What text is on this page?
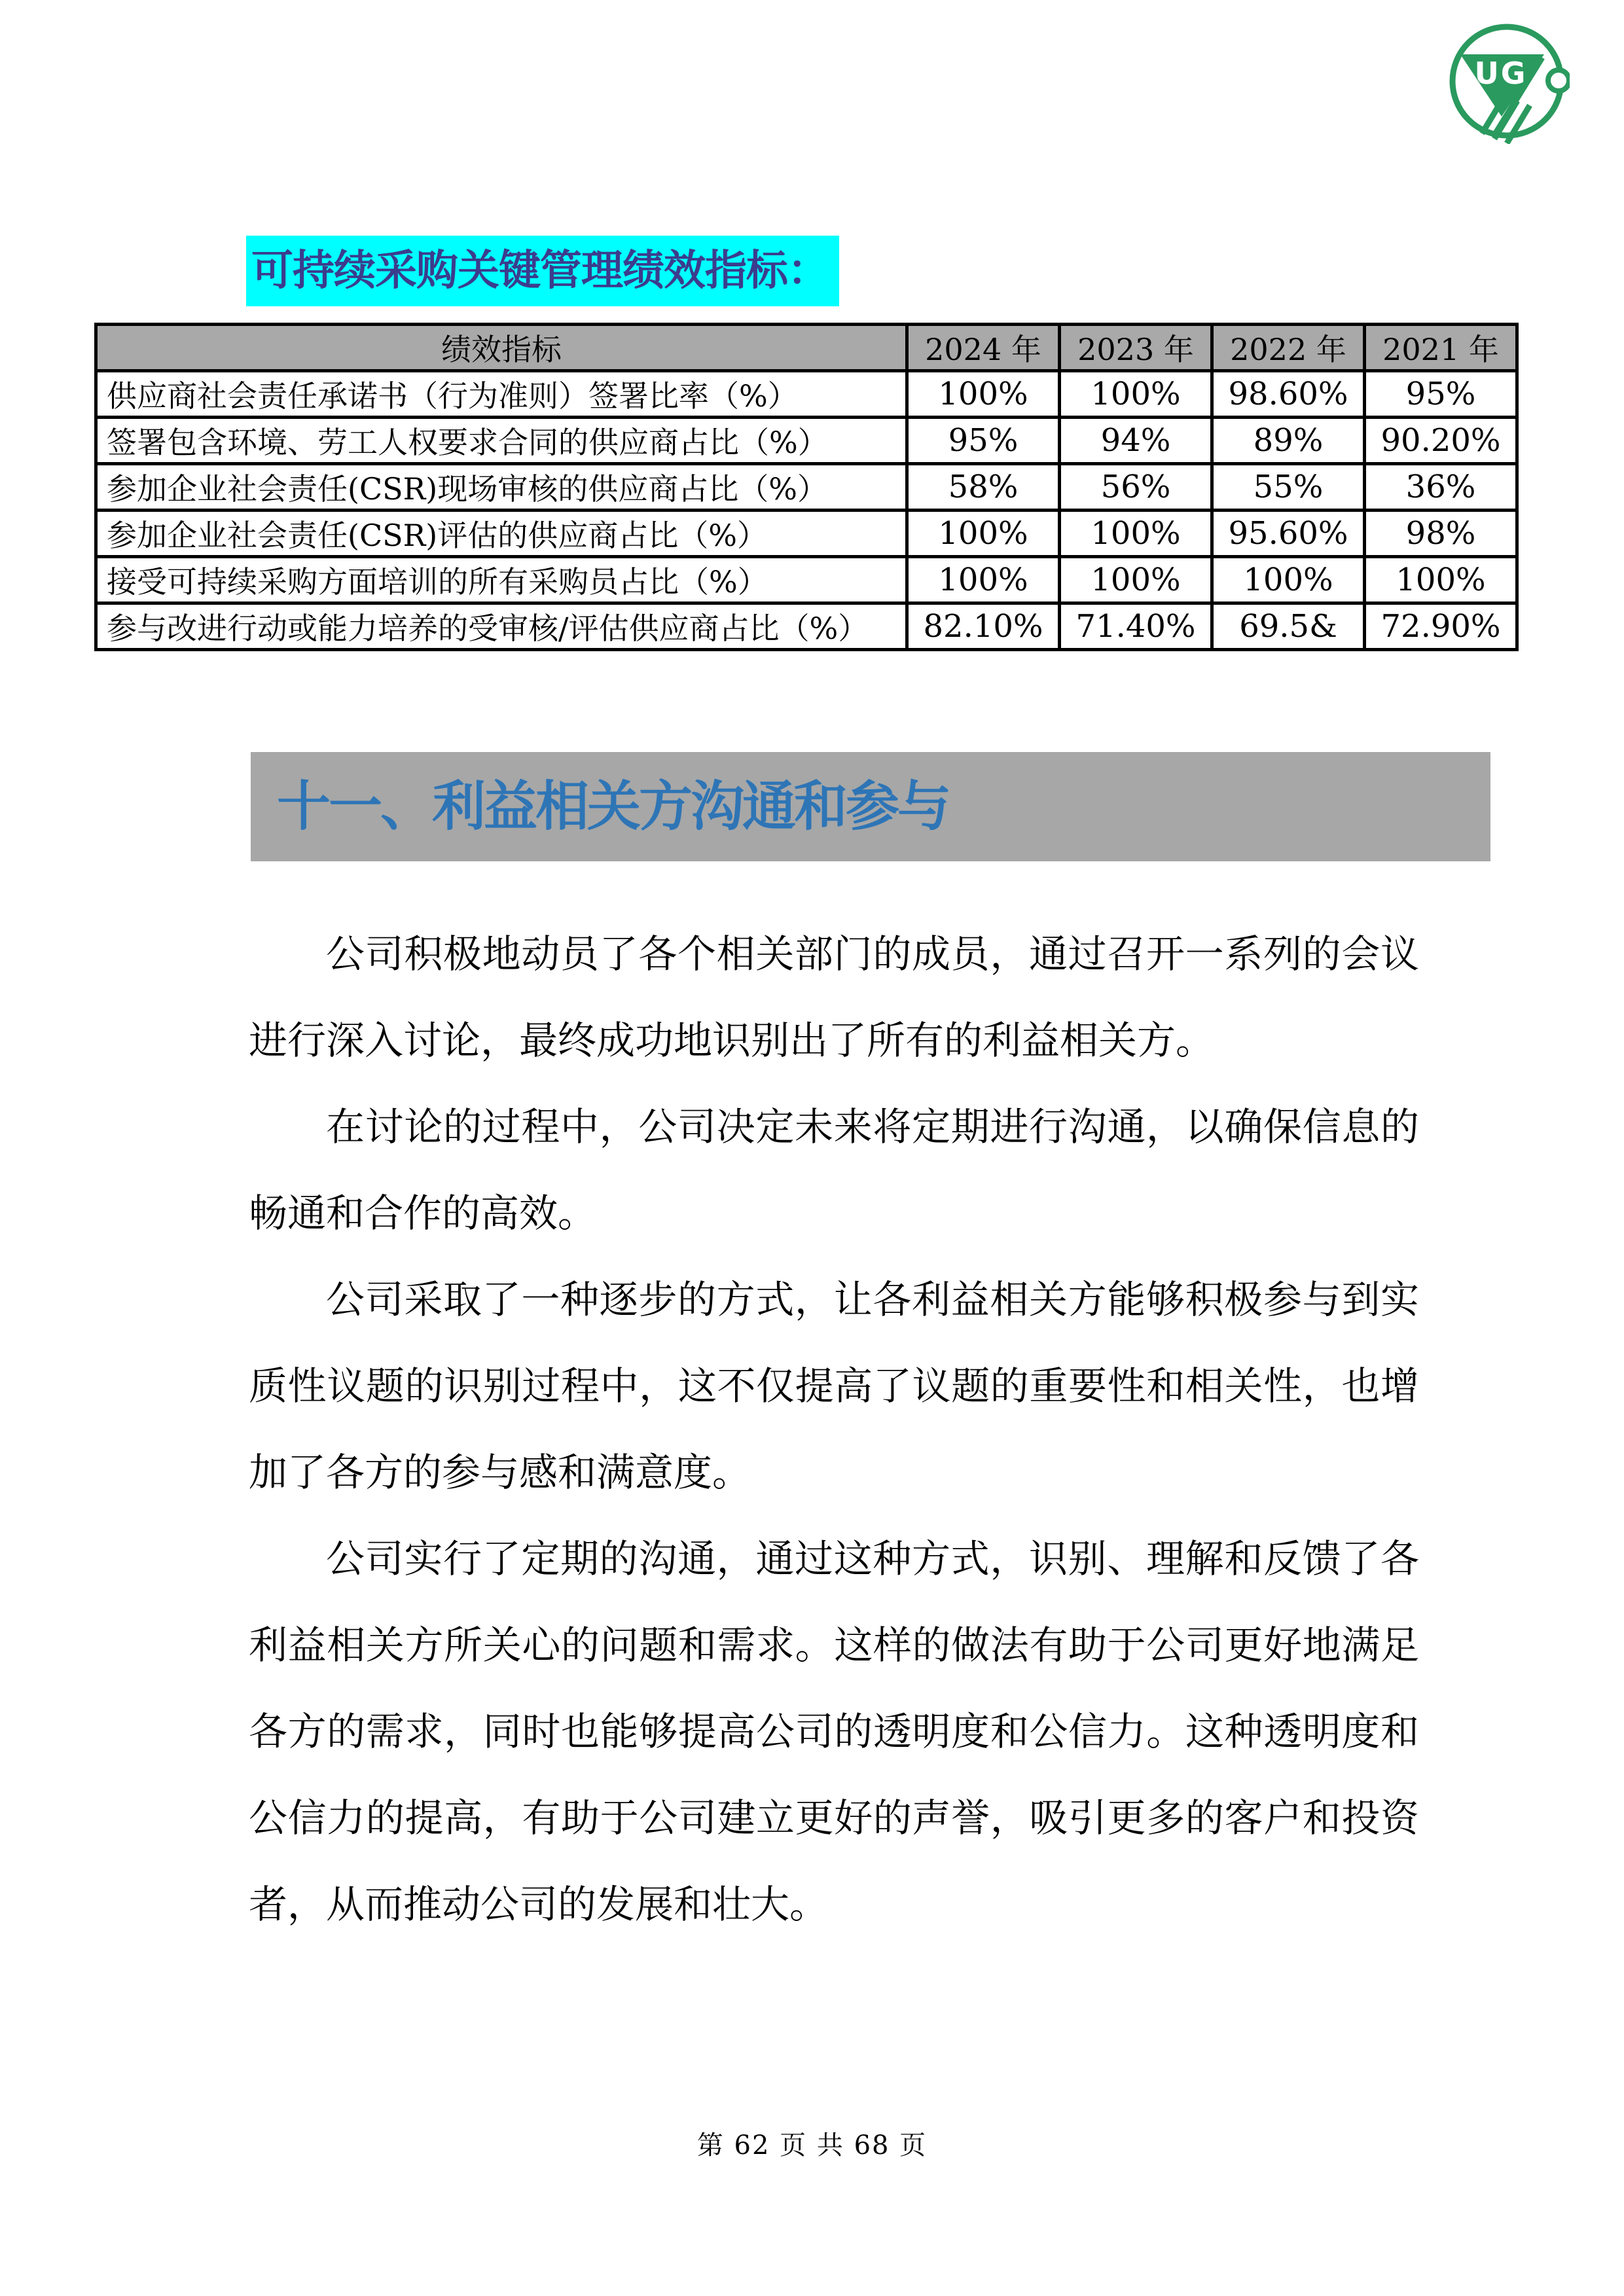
UG
可持续采购关键管理绩效指标：
绩效指标	2024 年	2023 年	2022 年	2021 年
供应商社会责任承诺书（行为准则）签署比率（%）	100%	100%	98.60%	95%
签署包含环境、劳工人权要求合同的供应商占比（%）	95%	94%	89%	90.20%
参加企业社会责任(CSR)现场审核的供应商占比（%）	58%	56%	55%	36%
参加企业社会责任(CSR)评估的供应商占比（%）	100%	100%	95.60%	98%
接受可持续采购方面培训的所有采购员占比（%）	100%	100%	100%	100%
参与改进行动或能力培养的受审核/评估供应商占比（%）	82.10%	71.40%	69.5&	72.90%
十一、利益相关方沟通和参与

公司积极地动员了各个相关部门的成员，通过召开一系列的会议进行深入讨论，最终成功地识别出了所有的利益相关方。

在讨论的过程中，公司决定未来将定期进行沟通，以确保信息的畅通和合作的高效。

公司采取了一种逐步的方式，让各利益相关方能够积极参与到实质性议题的识别过程中，这不仅提高了议题的重要性和相关性，也增加了各方的参与感和满意度。

公司实行了定期的沟通，通过这种方式，识别、理解和反馈了各利益相关方所关心的问题和需求。这样的做法有助于公司更好地满足各方的需求，同时也能够提高公司的透明度和公信力。这种透明度和公信力的提高，有助于公司建立更好的声誉，吸引更多的客户和投资者，从而推动公司的发展和壮大。

第 62 页 共 68 页
